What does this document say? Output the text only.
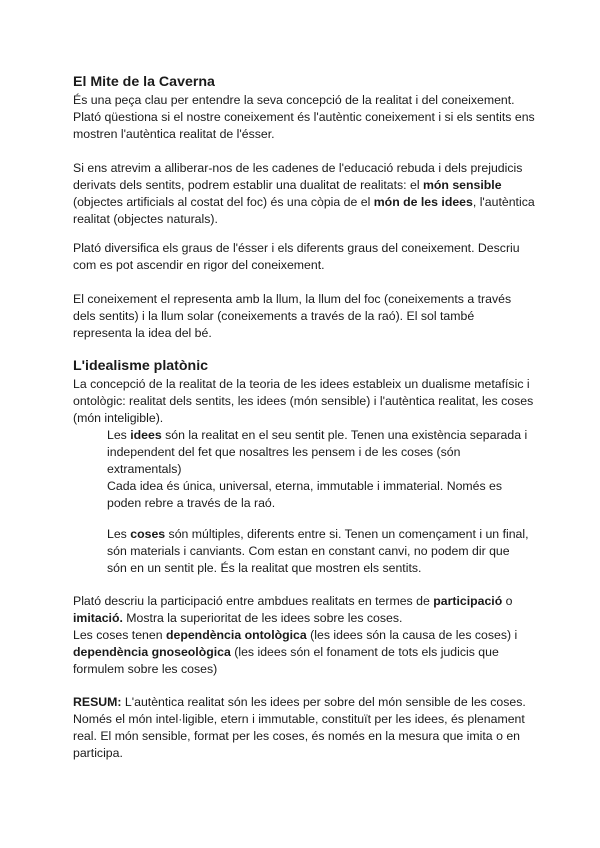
El Mite de la Caverna
És una peça clau per entendre la seva concepció de la realitat i del coneixement.
Plató qüestiona si el nostre coneixement és l'autèntic coneixement i si els sentits ens
mostren l'autèntica realitat de l'ésser.
Si ens atrevim a alliberar-nos de les cadenes de l'educació rebuda i dels prejudicis
derivats dels sentits, podrem establir una dualitat de realitats: el món sensible
(objectes artificials al costat del foc) és una còpia de el món de les idees, l'autèntica
realitat (objectes naturals).
Plató diversifica els graus de l'ésser i els diferents graus del coneixement. Descriu
com es pot ascendir en rigor del coneixement.
El coneixement el representa amb la llum, la llum del foc (coneixements a través
dels sentits) i la llum solar (coneixements a través de la raó). El sol també
representa la idea del bé.
L'idealisme platònic
La concepció de la realitat de la teoria de les idees estableix un dualisme metafísic i
ontològic: realitat dels sentits, les idees (món sensible) i l'autèntica realitat, les coses
(món inteligible).
Les idees són la realitat en el seu sentit ple. Tenen una existència separada i
independent del fet que nosaltres les pensem i de les coses (són
extramentals)
Cada idea és única, universal, eterna, immutable i immaterial. Només es
poden rebre a través de la raó.
Les coses són múltiples, diferents entre si. Tenen un començament i un final,
són materials i canviants. Com estan en constant canvi, no podem dir que
són en un sentit ple. És la realitat que mostren els sentits.
Plató descriu la participació entre ambdues realitats en termes de participació o
imitació. Mostra la superioritat de les idees sobre les coses.
Les coses tenen dependència ontològica (les idees són la causa de les coses) i
dependència gnoseològica (les idees són el fonament de tots els judicis que
formulem sobre les coses)
RESUM: L'autèntica realitat són les idees per sobre del món sensible de les coses.
Només el món intel·ligible, etern i immutable, constituït per les idees, és plenament
real. El món sensible, format per les coses, és només en la mesura que imita o en
participa.
